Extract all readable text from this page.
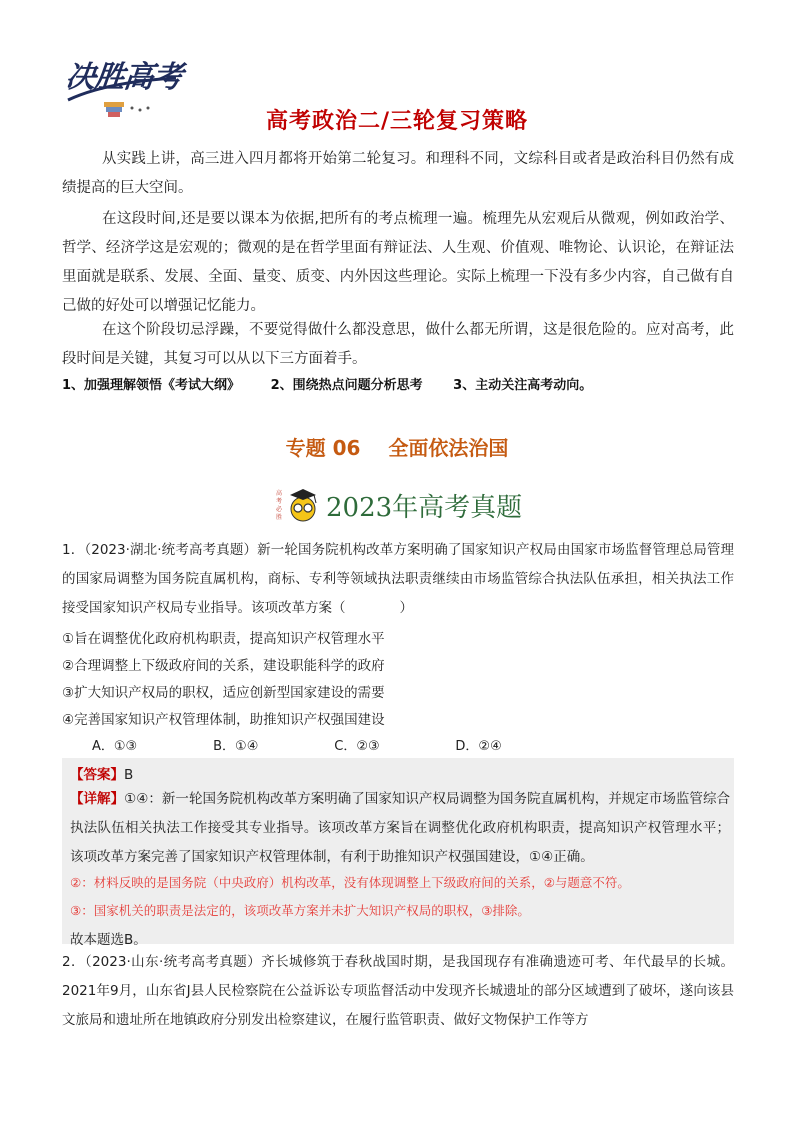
决胜高考
高考政治二/三轮复习策略

从实践上讲，高三进入四月都将开始第二轮复习。和理科不同，文综科目或者是政治科目仍然有成绩提高的巨大空间。

在这段时间,还是要以课本为依据,把所有的考点梳理一遍。梳理先从宏观后从微观，例如政治学、哲学、经济学这是宏观的；微观的是在哲学里面有辩证法、人生观、价值观、唯物论、认识论，在辩证法里面就是联系、发展、全面、量变、质变、内外因这些理论。实际上梳理一下没有多少内容，自己做有自己做的好处可以增强记忆能力。

在这个阶段切忌浮躁，不要觉得做什么都没意思，做什么都无所谓，这是很危险的。应对高考，此段时间是关键，其复习可以从以下三方面着手。

1、加强理解领悟《考试大纲》 2、围绕热点问题分析思考 3、主动关注高考动向。
专题 06    全面依法治国
高
考
必
胜 2023年高考真题

1．（2023·湖北·统考高考真题）新一轮国务院机构改革方案明确了国家知识产权局由国家市场监督管理总局管理的国家局调整为国务院直属机构，商标、专利等领域执法职责继续由市场监管综合执法队伍承担，相关执法工作接受国家知识产权局专业指导。该项改革方案（　　　　）

①旨在调整优化政府机构职责，提高知识产权管理水平
②合理调整上下级政府间的关系，建设职能科学的政府
③扩大知识产权局的职权，适应创新型国家建设的需要
④完善国家知识产权管理体制，助推知识产权强国建设
A．①③	B．①④	C．②③	D．②④
【答案】B

【详解】①④：新一轮国务院机构改革方案明确了国家知识产权局调整为国务院直属机构，并规定市场监管综合执法队伍相关执法工作接受其专业指导。该项改革方案旨在调整优化政府机构职责，提高知识产权管理水平；该项改革方案完善了国家知识产权管理体制，有利于助推知识产权强国建设，①④正确。

②：材料反映的是国务院（中央政府）机构改革，没有体现调整上下级政府间的关系，②与题意不符。
③：国家机关的职责是法定的，该项改革方案并未扩大知识产权局的职权，③排除。
故本题选B。

2．（2023·山东·统考高考真题）齐长城修筑于春秋战国时期，是我国现存有准确遗迹可考、年代最早的长城。2021年9月，山东省J县人民检察院在公益诉讼专项监督活动中发现齐长城遗址的部分区域遭到了破坏，遂向该县文旅局和遗址所在地镇政府分别发出检察建议，在履行监管职责、做好文物保护工作等方
